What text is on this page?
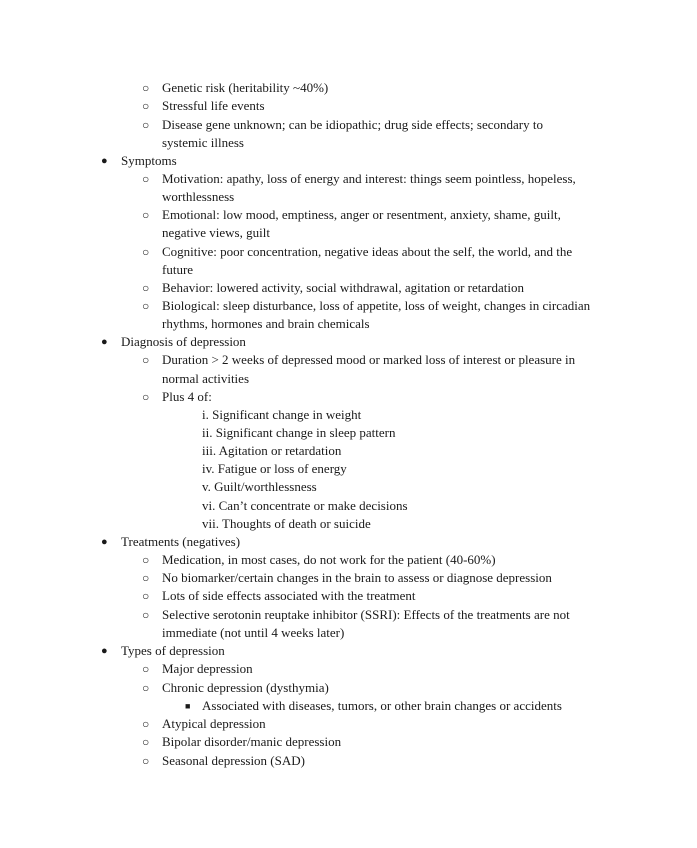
○ Genetic risk (heritability ~40%)
○ Stressful life events
○ Disease gene unknown; can be idiopathic; drug side effects; secondary to
systemic illness
● Symptoms
○ Motivation: apathy, loss of energy and interest: things seem pointless, hopeless,
worthlessness
○ Emotional: low mood, emptiness, anger or resentment, anxiety, shame, guilt,
negative views, guilt
○ Cognitive: poor concentration, negative ideas about the self, the world, and the
future
○ Behavior: lowered activity, social withdrawal, agitation or retardation
○ Biological: sleep disturbance, loss of appetite, loss of weight, changes in circadian
rhythms, hormones and brain chemicals
● Diagnosis of depression
○ Duration > 2 weeks of depressed mood or marked loss of interest or pleasure in
normal activities
○ Plus 4 of:
i. Significant change in weight
ii. Significant change in sleep pattern
iii. Agitation or retardation
iv. Fatigue or loss of energy
v. Guilt/worthlessness
vi. Can’t concentrate or make decisions
vii. Thoughts of death or suicide
● Treatments (negatives)
○ Medication, in most cases, do not work for the patient (40-60%)
○ No biomarker/certain changes in the brain to assess or diagnose depression
○ Lots of side effects associated with the treatment
○ Selective serotonin reuptake inhibitor (SSRI): Effects of the treatments are not
immediate (not until 4 weeks later)
● Types of depression
○ Major depression
○ Chronic depression (dysthymia)
■ Associated with diseases, tumors, or other brain changes or accidents
○ Atypical depression
○ Bipolar disorder/manic depression
○ Seasonal depression (SAD)
